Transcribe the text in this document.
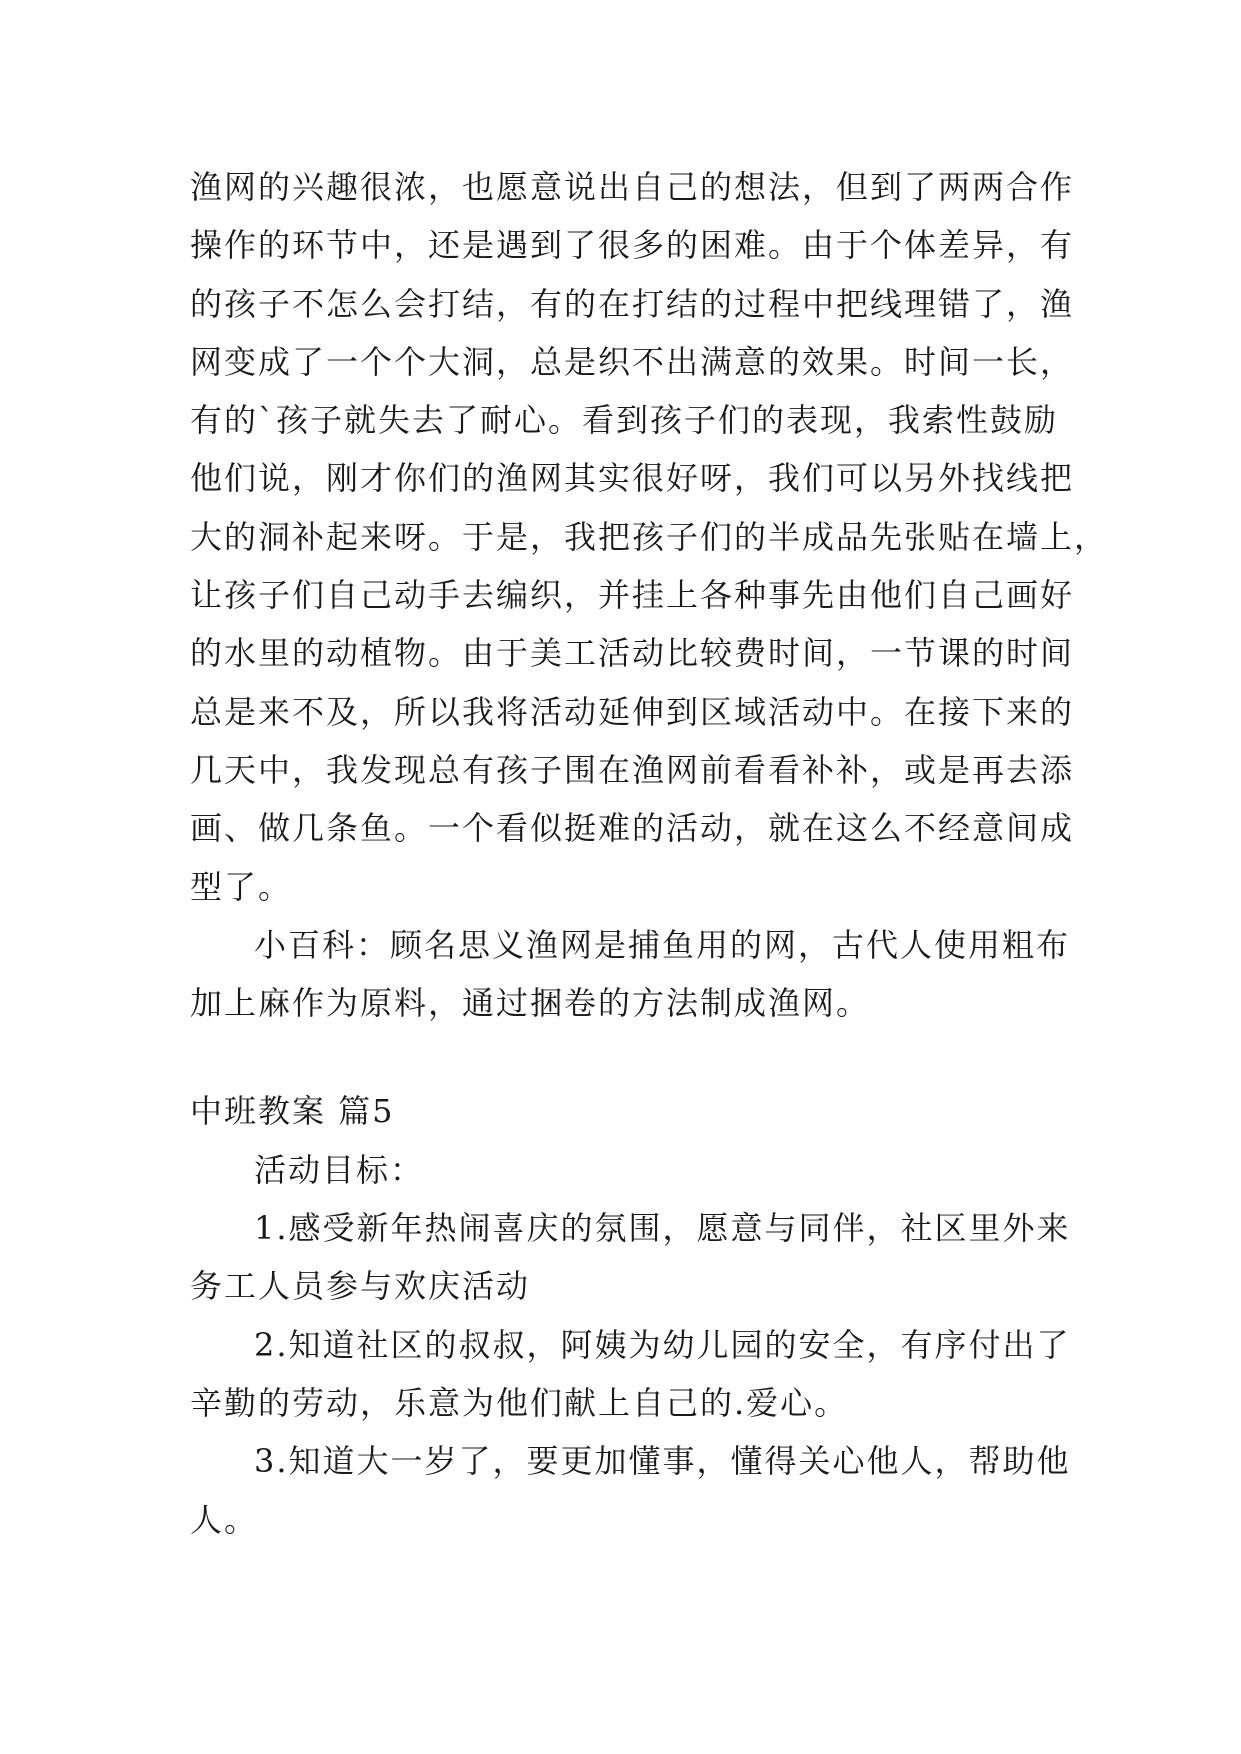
渔网的兴趣很浓，也愿意说出自己的想法，但到了两两合作
操作的环节中，还是遇到了很多的困难。由于个体差异，有
的孩子不怎么会打结，有的在打结的过程中把线理错了，渔
网变成了一个个大洞，总是织不出满意的效果。时间一长，
有的`孩子就失去了耐心。看到孩子们的表现，我索性鼓励
他们说，刚才你们的渔网其实很好呀，我们可以另外找线把
大的洞补起来呀。于是，我把孩子们的半成品先张贴在墙上，
让孩子们自己动手去编织，并挂上各种事先由他们自己画好
的水里的动植物。由于美工活动比较费时间，一节课的时间
总是来不及，所以我将活动延伸到区域活动中。在接下来的
几天中，我发现总有孩子围在渔网前看看补补，或是再去添
画、做几条鱼。一个看似挺难的活动，就在这么不经意间成
型了。
小百科：顾名思义渔网是捕鱼用的网，古代人使用粗布
加上麻作为原料，通过捆卷的方法制成渔网。
中班教案 篇5
活动目标：
1.感受新年热闹喜庆的氛围，愿意与同伴，社区里外来
务工人员参与欢庆活动
2.知道社区的叔叔，阿姨为幼儿园的安全，有序付出了
辛勤的劳动，乐意为他们献上自己的.爱心。
3.知道大一岁了，要更加懂事，懂得关心他人，帮助他
人。
